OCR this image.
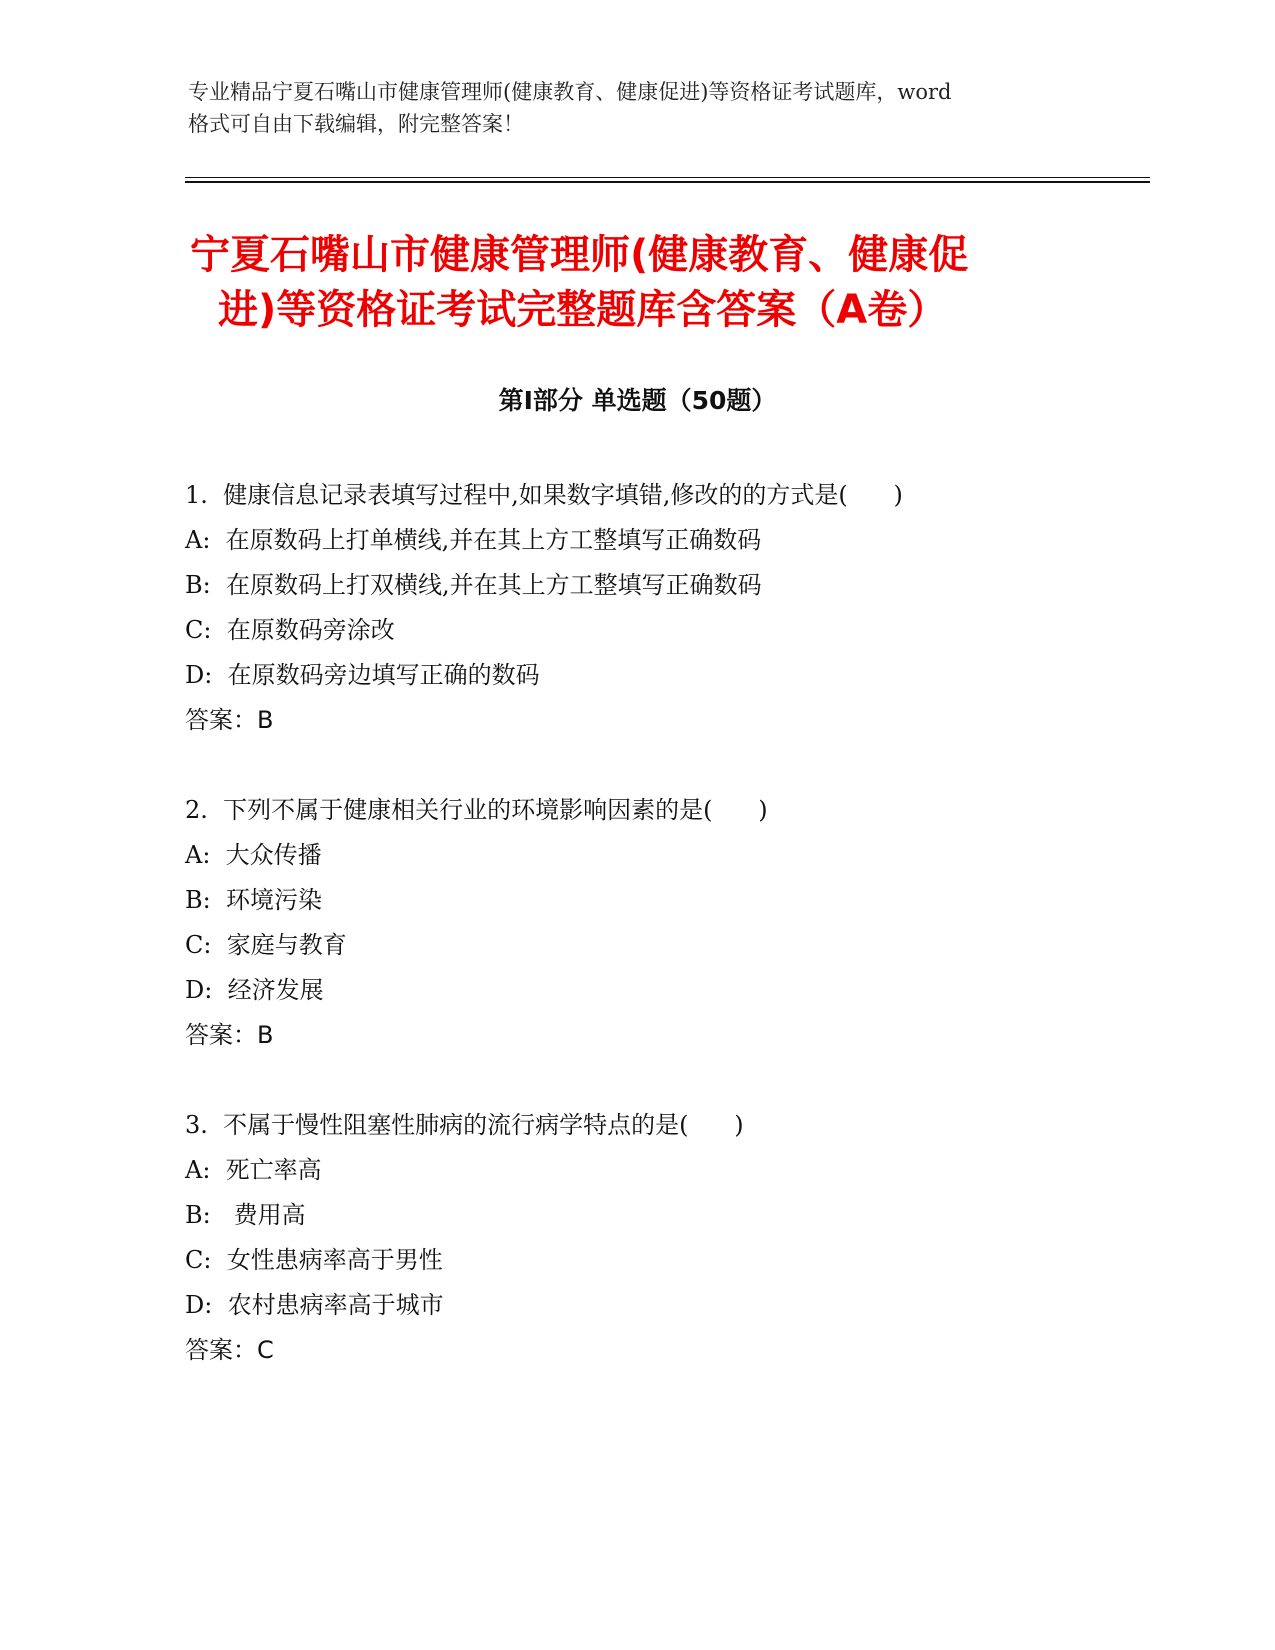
专业精品宁夏石嘴山市健康管理师(健康教育、健康促进)等资格证考试题库，word
格式可自由下载编辑，附完整答案！
宁夏石嘴山市健康管理师(健康教育、健康促
进)等资格证考试完整题库含答案（A卷）
第Ⅰ部分 单选题（50题）
1.  健康信息记录表填写过程中,如果数字填错,修改的的方式是(      )
A:  在原数码上打单横线,并在其上方工整填写正确数码
B:  在原数码上打双横线,并在其上方工整填写正确数码
C:  在原数码旁涂改
D:  在原数码旁边填写正确的数码
答案：B
2.  下列不属于健康相关行业的环境影响因素的是(      )
A:  大众传播
B:  环境污染
C:  家庭与教育
D:  经济发展
答案：B
3.  不属于慢性阻塞性肺病的流行病学特点的是(      )
A:  死亡率高
B:   费用高
C:  女性患病率高于男性
D:  农村患病率高于城市
答案：C
